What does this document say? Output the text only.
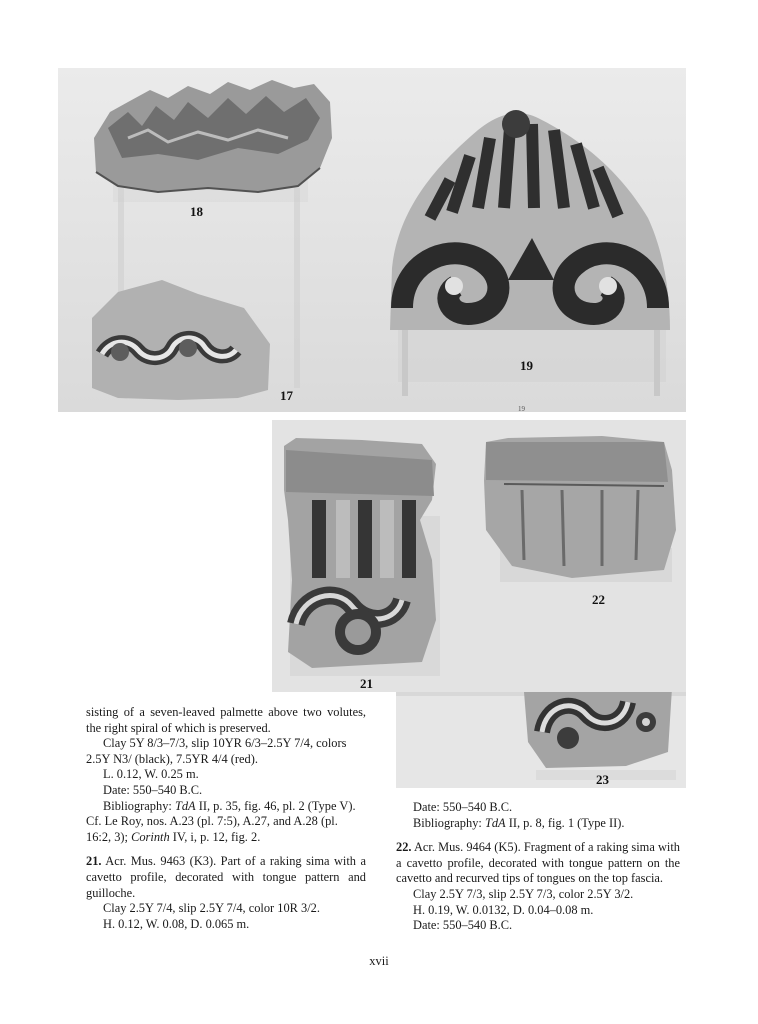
18
17
19
19
21
22
23

sisting of a seven-leaved palmette above two volutes, the right spiral of which is preserved.

Clay 5Y 8/3–7/3, slip 10YR 6/3–2.5Y 7/4, colors 2.5Y N3/ (black), 7.5YR 4/4 (red).

L. 0.12, W. 0.25 m.

Date: 550–540 B.C.

Bibliography: TdA II, p. 35, fig. 46, pl. 2 (Type V). Cf. Le Roy, nos. A.23 (pl. 7:5), A.27, and A.28 (pl. 16:2, 3); Corinth IV, i, p. 12, fig. 2.

21. Acr. Mus. 9463 (K3). Part of a raking sima with a cavetto profile, decorated with tongue pattern and guilloche.

Clay 2.5Y 7/4, slip 2.5Y 7/4, color 10R 3/2.

H. 0.12, W. 0.08, D. 0.065 m.

Date: 550–540 B.C.

Bibliography: TdA II, p. 8, fig. 1 (Type II).

22. Acr. Mus. 9464 (K5). Fragment of a raking sima with a cavetto profile, decorated with tongue pattern on the cavetto and recurved tips of tongues on the top fascia.

Clay 2.5Y 7/3, slip 2.5Y 7/3, color 2.5Y 3/2.

H. 0.19, W. 0.0132, D. 0.04–0.08 m.

Date: 550–540 B.C.

xvii
